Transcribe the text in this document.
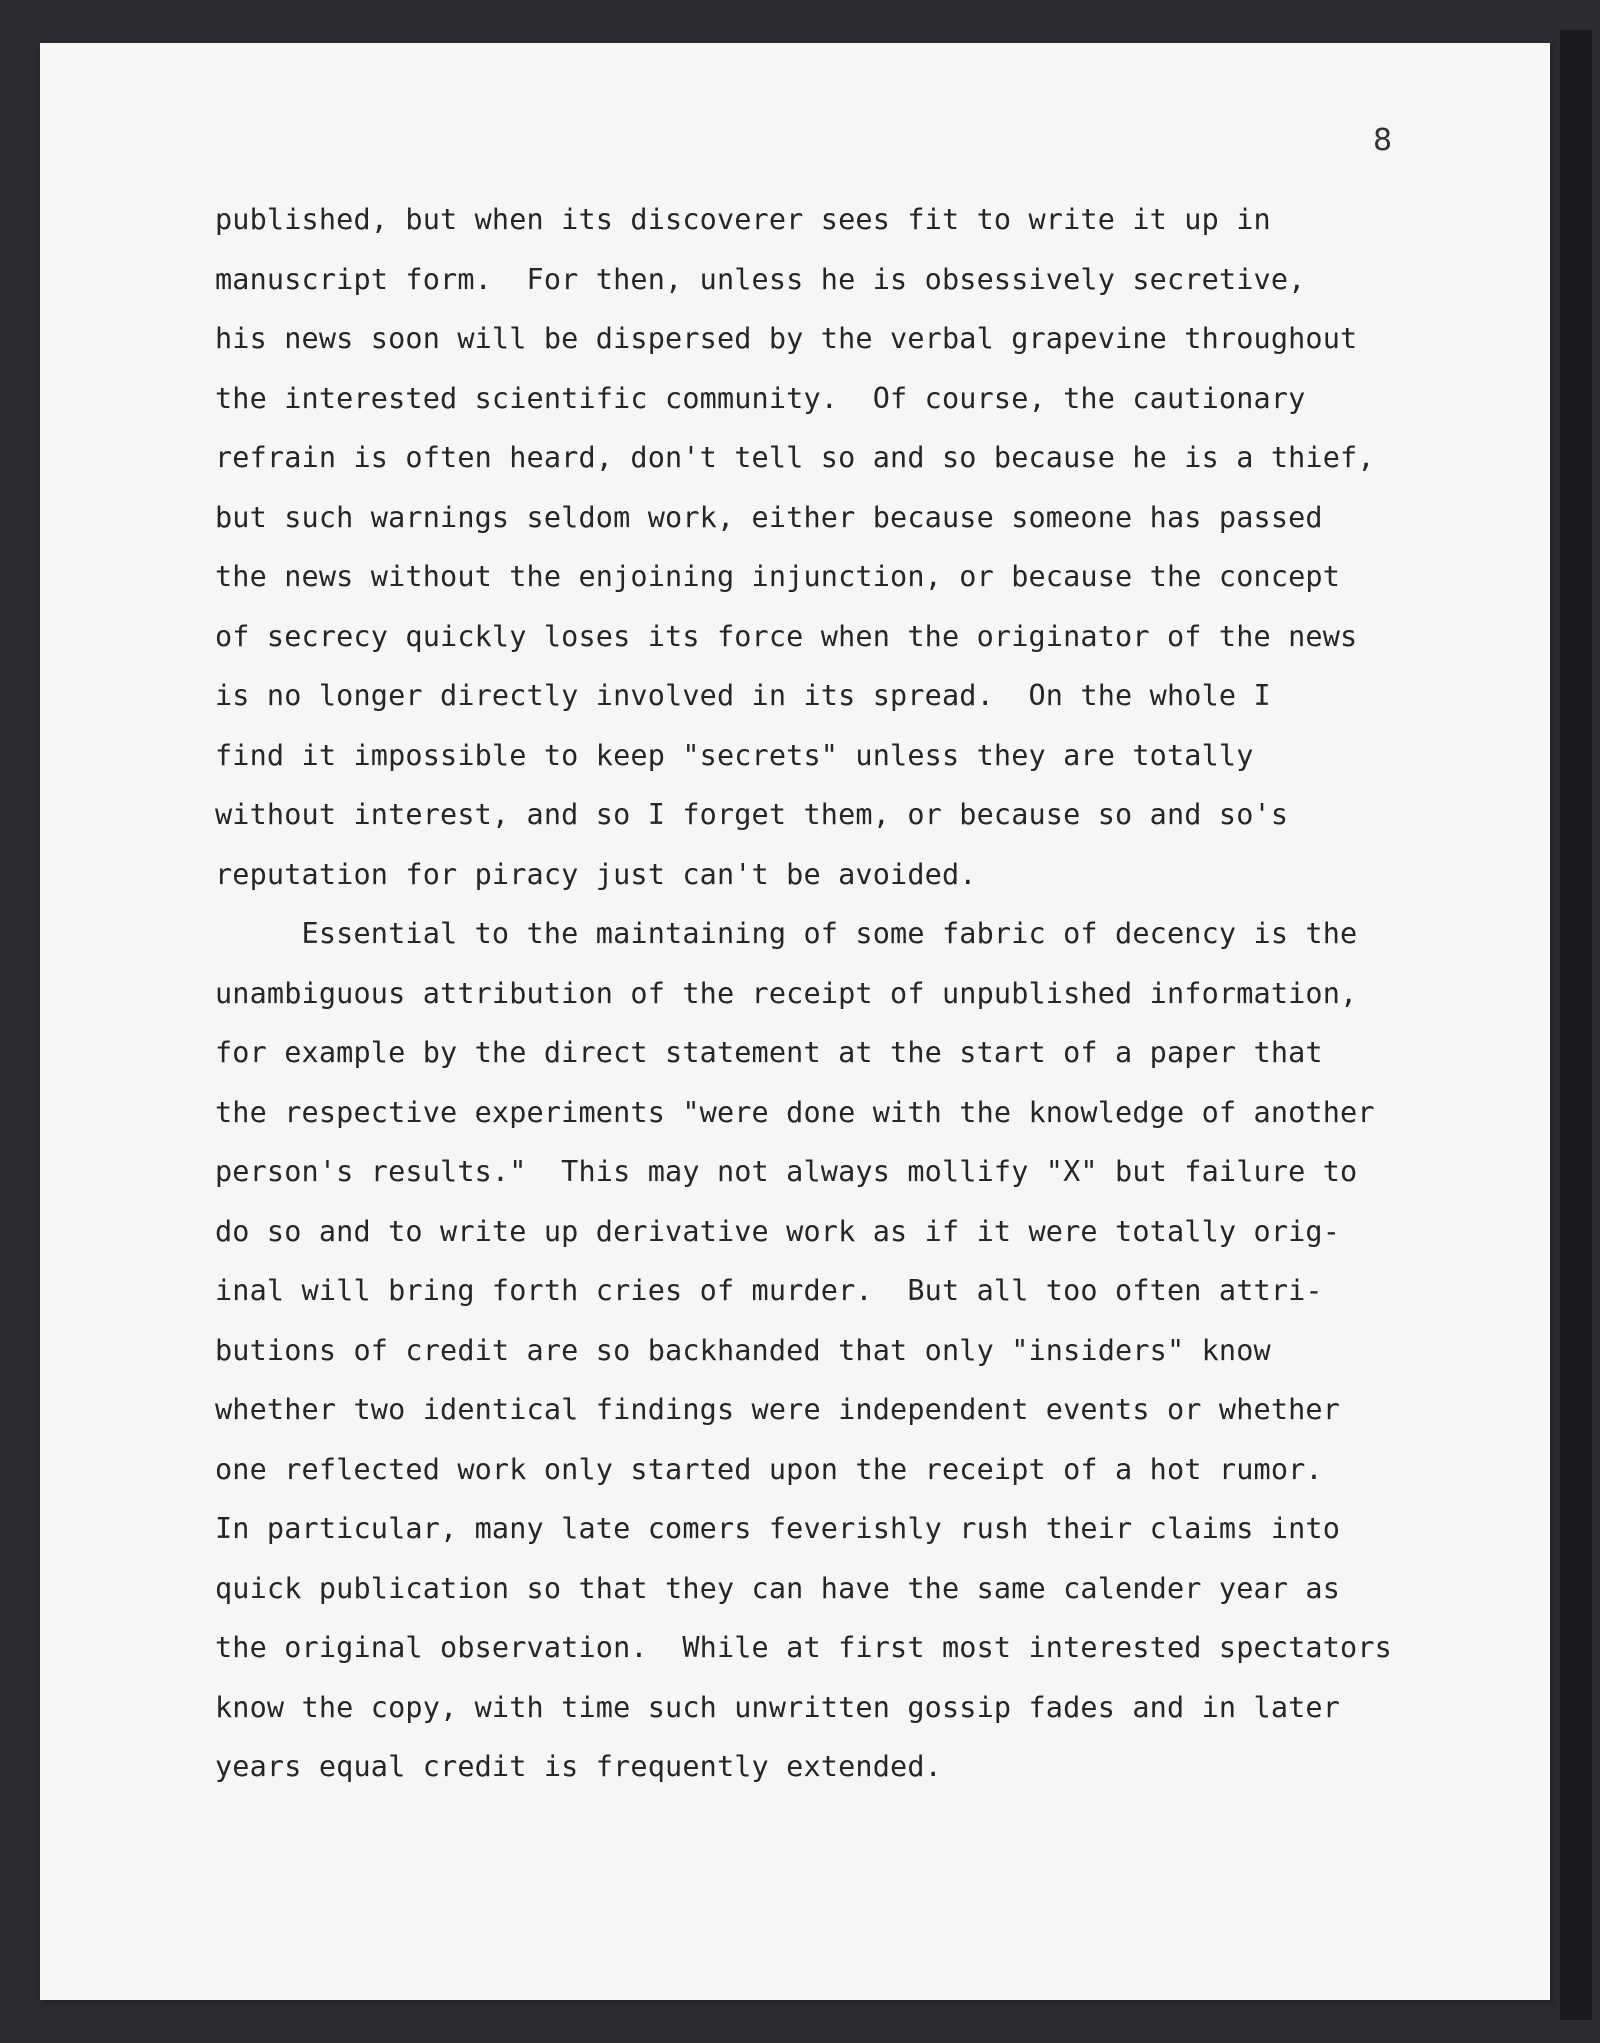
8
published, but when its discoverer sees fit to write it up in
manuscript form.  For then, unless he is obsessively secretive,
his news soon will be dispersed by the verbal grapevine throughout
the interested scientific community.  Of course, the cautionary
refrain is often heard, don't tell so and so because he is a thief,
but such warnings seldom work, either because someone has passed
the news without the enjoining injunction, or because the concept
of secrecy quickly loses its force when the originator of the news
is no longer directly involved in its spread.  On the whole I
find it impossible to keep "secrets" unless they are totally
without interest, and so I forget them, or because so and so's
reputation for piracy just can't be avoided.
Essential to the maintaining of some fabric of decency is the
unambiguous attribution of the receipt of unpublished information,
for example by the direct statement at the start of a paper that
the respective experiments "were done with the knowledge of another
person's results."  This may not always mollify "X" but failure to
do so and to write up derivative work as if it were totally orig-
inal will bring forth cries of murder.  But all too often attri-
butions of credit are so backhanded that only "insiders" know
whether two identical findings were independent events or whether
one reflected work only started upon the receipt of a hot rumor.
In particular, many late comers feverishly rush their claims into
quick publication so that they can have the same calender year as
the original observation.  While at first most interested spectators
know the copy, with time such unwritten gossip fades and in later
years equal credit is frequently extended.
